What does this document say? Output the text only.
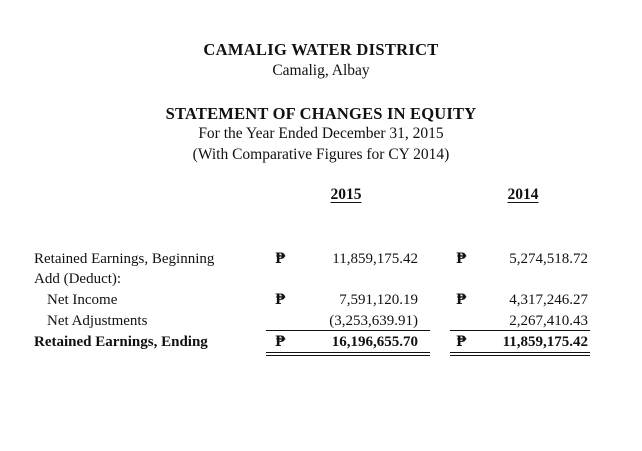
CAMALIG WATER DISTRICT
Camalig, Albay
STATEMENT OF CHANGES IN EQUITY
For the Year Ended December 31, 2015
(With Comparative Figures for CY 2014)
2015	2014
Retained Earnings, Beginning	₱	11,859,175.42	₱	5,274,518.72
Add (Deduct):
Net Income	₱	7,591,120.19	₱	4,317,246.27
Net Adjustments	(3,253,639.91)	2,267,410.43
Retained Earnings, Ending	₱	16,196,655.70	₱	11,859,175.42
